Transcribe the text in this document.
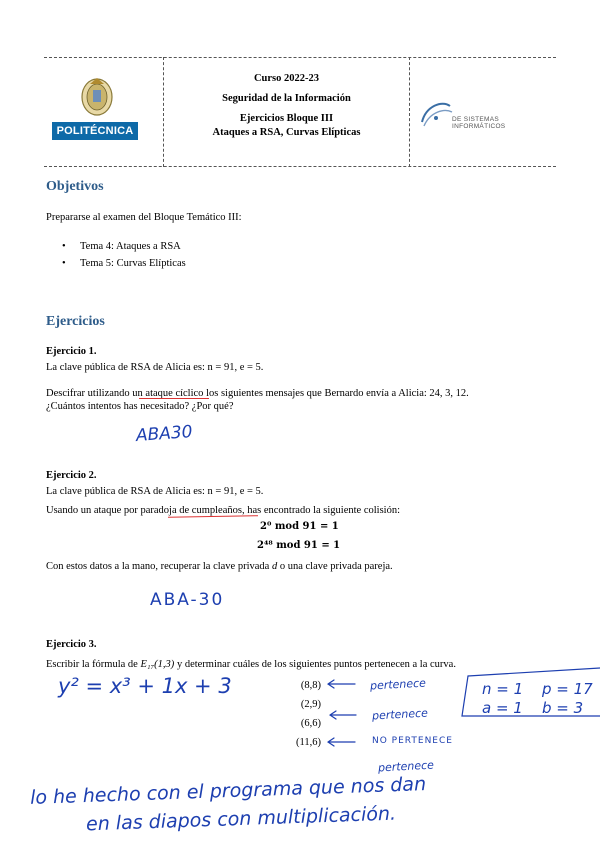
POLITÉCNICA
Curso 2022-23
Seguridad de la Información
Ejercicios Bloque III
Ataques a RSA, Curvas Elípticas
DE SISTEMAS
INFORMÁTICOS
Objetivos
Prepararse al examen del Bloque Temático III:
• Tema 4: Ataques a RSA
• Tema 5: Curvas Elípticas
Ejercicios
Ejercicio 1.
La clave pública de RSA de Alicia es: n = 91, e = 5.
Descifrar utilizando un ataque cíclico los siguientes mensajes que Bernardo envía a Alicia: 24, 3, 12.
¿Cuántos intentos has necesitado? ¿Por qué?
ABA30
Ejercicio 2.
La clave pública de RSA de Alicia es: n = 91, e = 5.
Usando un ataque por paradoja de cumpleaños, has encontrado la siguiente colisión:
2⁰ mod 91 = 1
2⁴⁸ mod 91 = 1
Con estos datos a la mano, recuperar la clave privada d o una clave privada pareja.
ABA-30
Ejercicio 3.
Escribir la fórmula de E₁₇(1,3) y determinar cuáles de los siguientes puntos pertenecen a la curva.
(8,8)
(2,9)
(6,6)
(11,6)
y² = x³ + 1x + 3	pertenece
pertenece
NO PERTENECE
pertenece
n = 1 p = 17
a = 1 b = 3
lo he hecho con el programa que nos dan
en las diapos con multiplicación.
